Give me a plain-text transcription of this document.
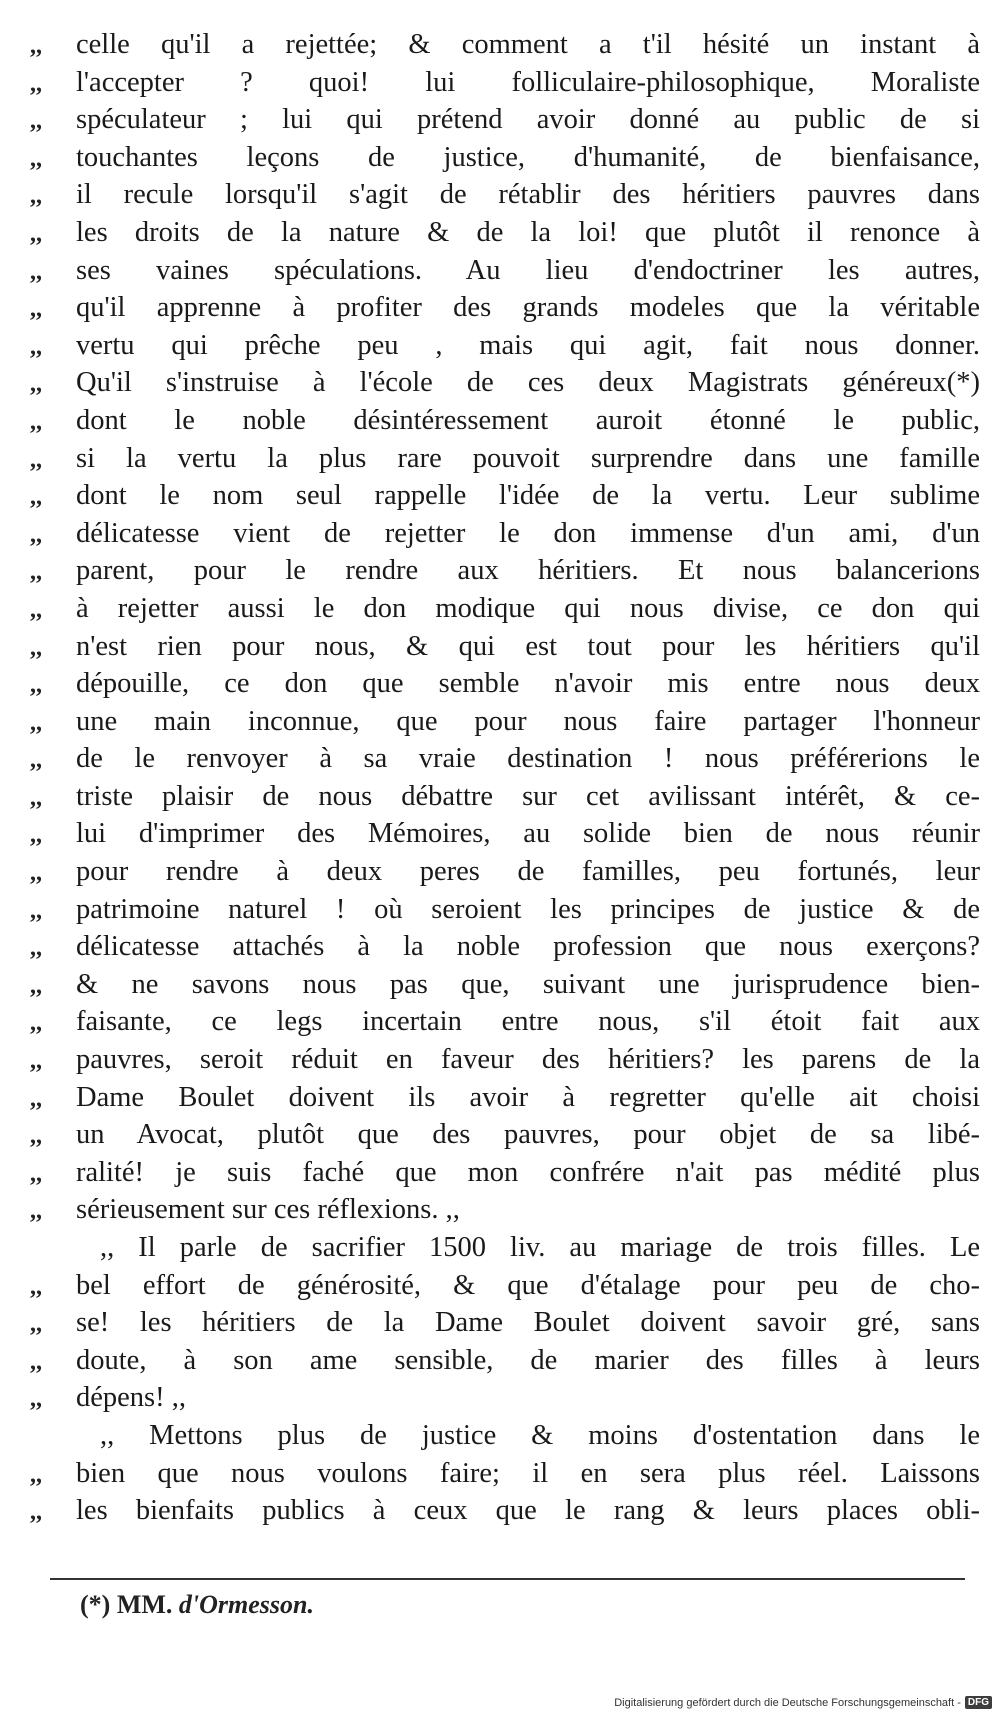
,,	celle qu'il a rejettée; & comment a t'il hésité un instant à
,,	l'accepter ? quoi! lui folliculaire-philosophique, Moraliste
,,	spéculateur ; lui qui prétend avoir donné au public de si
,,	touchantes leçons de justice, d'humanité, de bienfaisance,
,,	il recule lorsqu'il s'agit de rétablir des héritiers pauvres dans
,,	les droits de la nature & de la loi! que plutôt il renonce à
,,	ses vaines spéculations. Au lieu d'endoctriner les autres,
,,	qu'il apprenne à profiter des grands modeles que la véritable
,,	vertu qui prêche peu , mais qui agit, fait nous donner.
,,	Qu'il s'instruise à l'école de ces deux Magistrats généreux(*)
,,	dont le noble désintéressement auroit étonné le public,
,,	si la vertu la plus rare pouvoit surprendre dans une famille
,,	dont le nom seul rappelle l'idée de la vertu. Leur sublime
,,	délicatesse vient de rejetter le don immense d'un ami, d'un
,,	parent, pour le rendre aux héritiers. Et nous balancerions
,,	à rejetter aussi le don modique qui nous divise, ce don qui
,,	n'est rien pour nous, & qui est tout pour les héritiers qu'il
,,	dépouille, ce don que semble n'avoir mis entre nous deux
,,	une main inconnue, que pour nous faire partager l'honneur
,,	de le renvoyer à sa vraie destination ! nous préférerions le
,,	triste plaisir de nous débattre sur cet avilissant intérêt, & ce-
,,	lui d'imprimer des Mémoires, au solide bien de nous réunir
,,	pour rendre à deux peres de familles, peu fortunés, leur
,,	patrimoine naturel ! où seroient les principes de justice & de
,,	délicatesse attachés à la noble profession que nous exerçons?
,,	& ne savons nous pas que, suivant une jurisprudence bien-
,,	faisante, ce legs incertain entre nous, s'il étoit fait aux
,,	pauvres, seroit réduit en faveur des héritiers? les parens de la
,,	Dame Boulet doivent ils avoir à regretter qu'elle ait choisi
,,	un Avocat, plutôt que des pauvres, pour objet de sa libé-
,,	ralité! je suis faché que mon confrére n'ait pas médité plus
,,	sérieusement sur ces réflexions. ,,
,, Il parle de sacrifier 1500 liv. au mariage de trois filles. Le
,,	bel effort de générosité, & que d'étalage pour peu de cho-
,,	se! les héritiers de la Dame Boulet doivent savoir gré, sans
,,	doute, à son ame sensible, de marier des filles à leurs
,,	dépens! ,,
,, Mettons plus de justice & moins d'ostentation dans le
,,	bien que nous voulons faire; il en sera plus réel. Laissons
,,	les bienfaits publics à ceux que le rang & leurs places obli-
(*) MM. d'Ormesson.
Digitalisierung gefördert durch die Deutsche Forschungsgemeinschaft - DFG
